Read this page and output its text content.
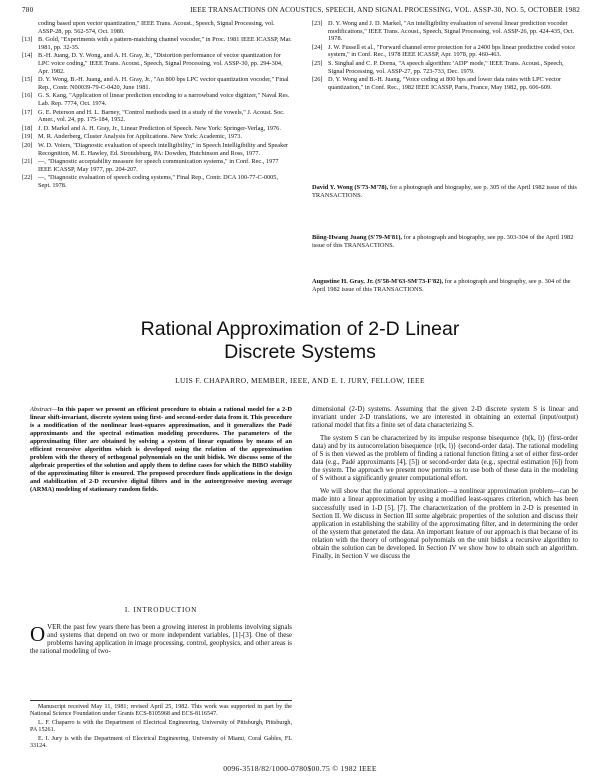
780	IEEE TRANSACTIONS ON ACOUSTICS, SPEECH, AND SIGNAL PROCESSING, VOL. ASSP-30, NO. 5, OCTOBER 1982
coding based upon vector quantization," IEEE Trans. Acoust., Speech, Signal Processing, vol. ASSP-28, pp. 562-574, Oct. 1980.
[13] B. Gold, "Experiments with a pattern-matching channel vocoder," in Proc. 1981 IEEE ICASSP, Mar. 1981, pp. 32-35.
[14] B.-H. Juang, D. Y. Wong, and A. H. Gray, Jr., "Distortion performance of vector quantization for LPC voice coding," IEEE Trans. Acoust., Speech, Signal Processing, vol. ASSP-30, pp. 294-304, Apr. 1982.
[15] D. Y. Wong, B.-H. Juang, and A. H. Gray, Jr., "An 800 bps LPC vector quantization vocoder," Final Rep., Contr. N00039-79-C-0420, June 1981.
[16] G. S. Kang, "Application of linear prediction encoding to a narrowband voice digitizer," Naval Res. Lab. Rep. 7774, Oct. 1974.
[17] G. E. Peterson and H. L. Barney, "Control methods used in a study of the vowels," J. Acoust. Soc. Amer., vol. 24, pp. 175-184, 1952.
[18] J. D. Markel and A. H. Gray, Jr., Linear Prediction of Speech. New York: Springer-Verlag, 1976.
[19] M. R. Anderberg, Cluster Analysis for Applications. New York: Academic, 1973.
[20] W. D. Voiers, "Diagnostic evaluation of speech intelligibility," in Speech Intelligibility and Speaker Recognition, M. E. Hawley, Ed. Stroudsburg, PA: Dowden, Hutchinson and Ross, 1977.
[21] —, "Diagnostic acceptability measure for speech communication systems," in Conf. Rec., 1977 IEEE ICASSP, May 1977, pp. 204-207.
[22] —, "Diagnostic evaluation of speech coding systems," Final Rep., Contr. DCA 100-77-C-0005, Sept. 1978.
[23] D. Y. Wong and J. D. Markel, "An intelligibility evaluation of several linear prediction vocoder modifications," IEEE Trans. Acoust., Speech, Signal Processing, vol. ASSP-26, pp. 424-435, Oct. 1978.
[24] J. W. Fussell et al., "Forward channel error protection for a 2400 bps linear predictive coded voice system," in Conf. Rec., 1978 IEEE ICASSP, Apr. 1978, pp. 460-463.
[25] S. Singhal and C. P. Dorna, "A speech algorithm: 'ADP' mode," IEEE Trans. Acoust., Speech, Signal Processing, vol. ASSP-27, pp. 723-733, Dec. 1979.
[26] D. Y. Wong and B.-H. Juang, "Voice coding at 800 bps and lower data rates with LPC vector quantization," in Conf. Rec., 1982 IEEE ICASSP, Paris, France, May 1982, pp. 606-609.
David Y. Wong (S'73-M'78), for a photograph and biography, see p. 305 of the April 1982 issue of this TRANSACTIONS.
Biing-Hwang Juang (S'79-M'81), for a photograph and biography, see pp. 303-304 of the April 1982 issue of this TRANSACTIONS.
Augustine H. Gray, Jr. (S'58-M'63-SM'73-F'82), for a photograph and biography, see p. 304 of the April 1982 issue of this TRANSACTIONS.
Rational Approximation of 2-D Linear
Discrete Systems
LUIS F. CHAPARRO, MEMBER, IEEE, AND E. I. JURY, FELLOW, IEEE
Abstract—In this paper we present an efficient procedure to obtain a rational model for a 2-D linear shift-invariant, discrete system using first- and second-order data from it. This procedure is a modification of the nonlinear least-squares approximation, and it generalizes the Padé approximants and the spectral estimation modeling procedures. The parameters of the approximating filter are obtained by solving a system of linear equations by means of an efficient recursive algorithm which is developed using the relation of the approximation problem with the theory of orthogonal polynomials on the unit bidisk. We discuss some of the algebraic properties of the solution and apply them to define cases for which the BIBO stability of the approximating filter is ensured. The proposed procedure finds applications in the design and stabilization of 2-D recursive digital filters and in the autoregressive moving average (ARMA) modeling of stationary random fields.
I. INTRODUCTION
OVER the past few years there has been a growing interest in problems involving signals and systems that depend on two or more independent variables, [1]-[3]. One of these problems having application in image processing, control, geophysics, and other areas is the rational modeling of two-

Manuscript received May 11, 1981; revised April 25, 1982. This work was supported in part by the National Science Foundation under Grants ECS-8105968 and ECS-8116547.

L. F. Chaparro is with the Department of Electrical Engineering, University of Pittsburgh, Pittsburgh, PA 15261.

E. I. Jury is with the Department of Electrical Engineering, University of Miami, Coral Gables, FL 33124.

dimensional (2-D) systems. Assuming that the given 2-D discrete system S is linear and invariant under 2-D translations, we are interested in obtaining an external (input/output) rational model that fits a finite set of data characterizing S.

The system S can be characterized by its impulse response bisequence {h(k, l)} (first-order data) and by its autocorrelation bisequence {r(k, l)} (second-order data). The rational modeling of S is then viewed as the problem of finding a rational function fitting a set of either first-order data (e.g., Padé approximants [4], [5]) or second-order data (e.g., spectral estimation [6]) from the system. The approach we present now permits us to use both of these data in the modeling of S without a significantly greater computational effort.

We will show that the rational approximation—a nonlinear approximation problem—can be made into a linear approximation by using a modified least-squares criterion, which has been successfully used in 1-D [5], [7]. The characterization of the problem in 2-D is presented in Section II. We discuss in Section III some algebraic properties of the solution and discuss their application in establishing the stability of the approximating filter, and in determining the order of the system that generated the data. An important feature of our approach is that because of its relation with the theory of orthogonal polynomials on the unit bidisk a recursive algorithm to obtain the solution can be developed. In Section IV we show how to obtain such an algorithm. Finally, in Section V we discuss the

0096-3518/82/1000-0780$00.75 © 1982 IEEE
